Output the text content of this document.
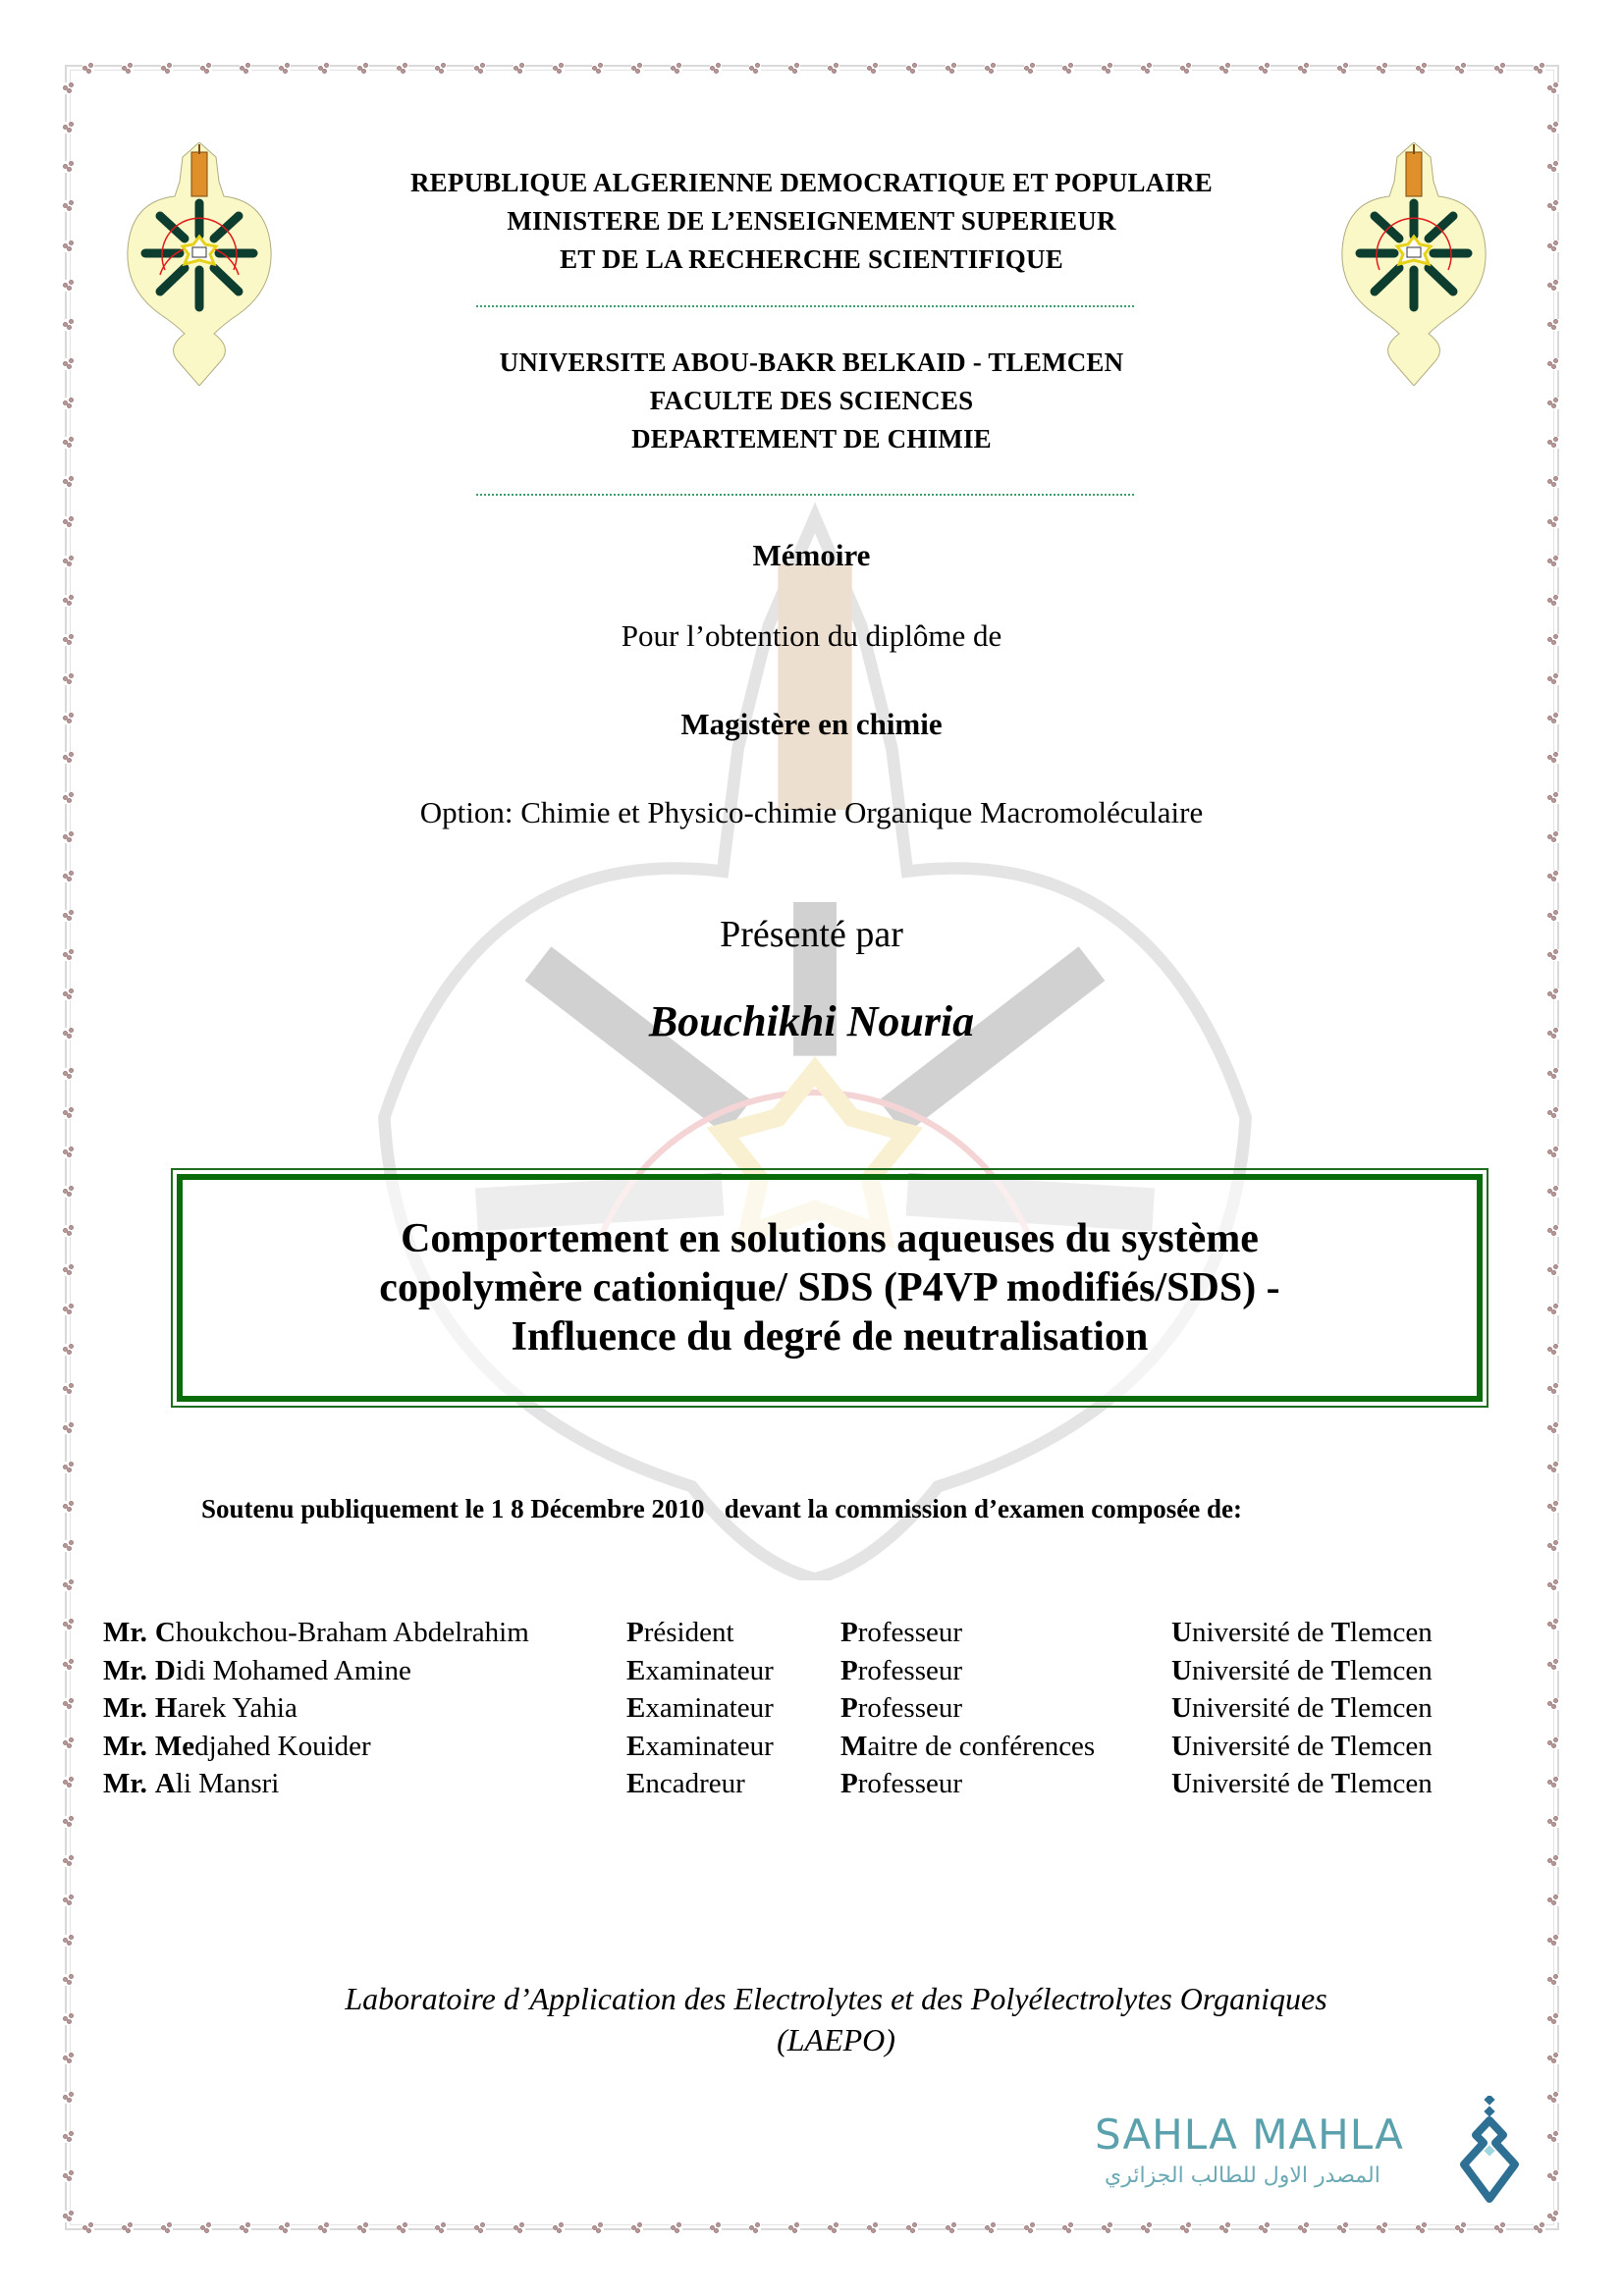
REPUBLIQUE ALGERIENNE DEMOCRATIQUE ET POPULAIRE
MINISTERE DE L’ENSEIGNEMENT SUPERIEUR
ET DE LA RECHERCHE SCIENTIFIQUE
UNIVERSITE ABOU-BAKR BELKAID - TLEMCEN
FACULTE DES SCIENCES
DEPARTEMENT DE CHIMIE
Mémoire
Pour l’obtention du diplôme de
Magistère en chimie
Option: Chimie et Physico-chimie Organique Macromoléculaire
Présenté par
Bouchikhi Nouria
Comportement en solutions aqueuses du système
copolymère cationique/ SDS (P4VP modifiés/SDS) -
Influence du degré de neutralisation
Soutenu publiquement le 1 8 Décembre 2010   devant la commission d’examen composée de:
Mr. Choukchou-Braham Abdelrahim	Président	Professeur	Université de Tlemcen
Mr. Didi Mohamed Amine	Examinateur	Professeur	Université de Tlemcen
Mr. Harek Yahia	Examinateur	Professeur	Université de Tlemcen
Mr. Medjahed Kouider	Examinateur	Maitre de conférences	Université de Tlemcen
Mr. Ali Mansri	Encadreur	Professeur	Université de Tlemcen
Laboratoire d’Application des Electrolytes et des Polyélectrolytes Organiques
(LAEPO)
SAHLA MAHLA
المصدر الاول للطالب الجزائري
